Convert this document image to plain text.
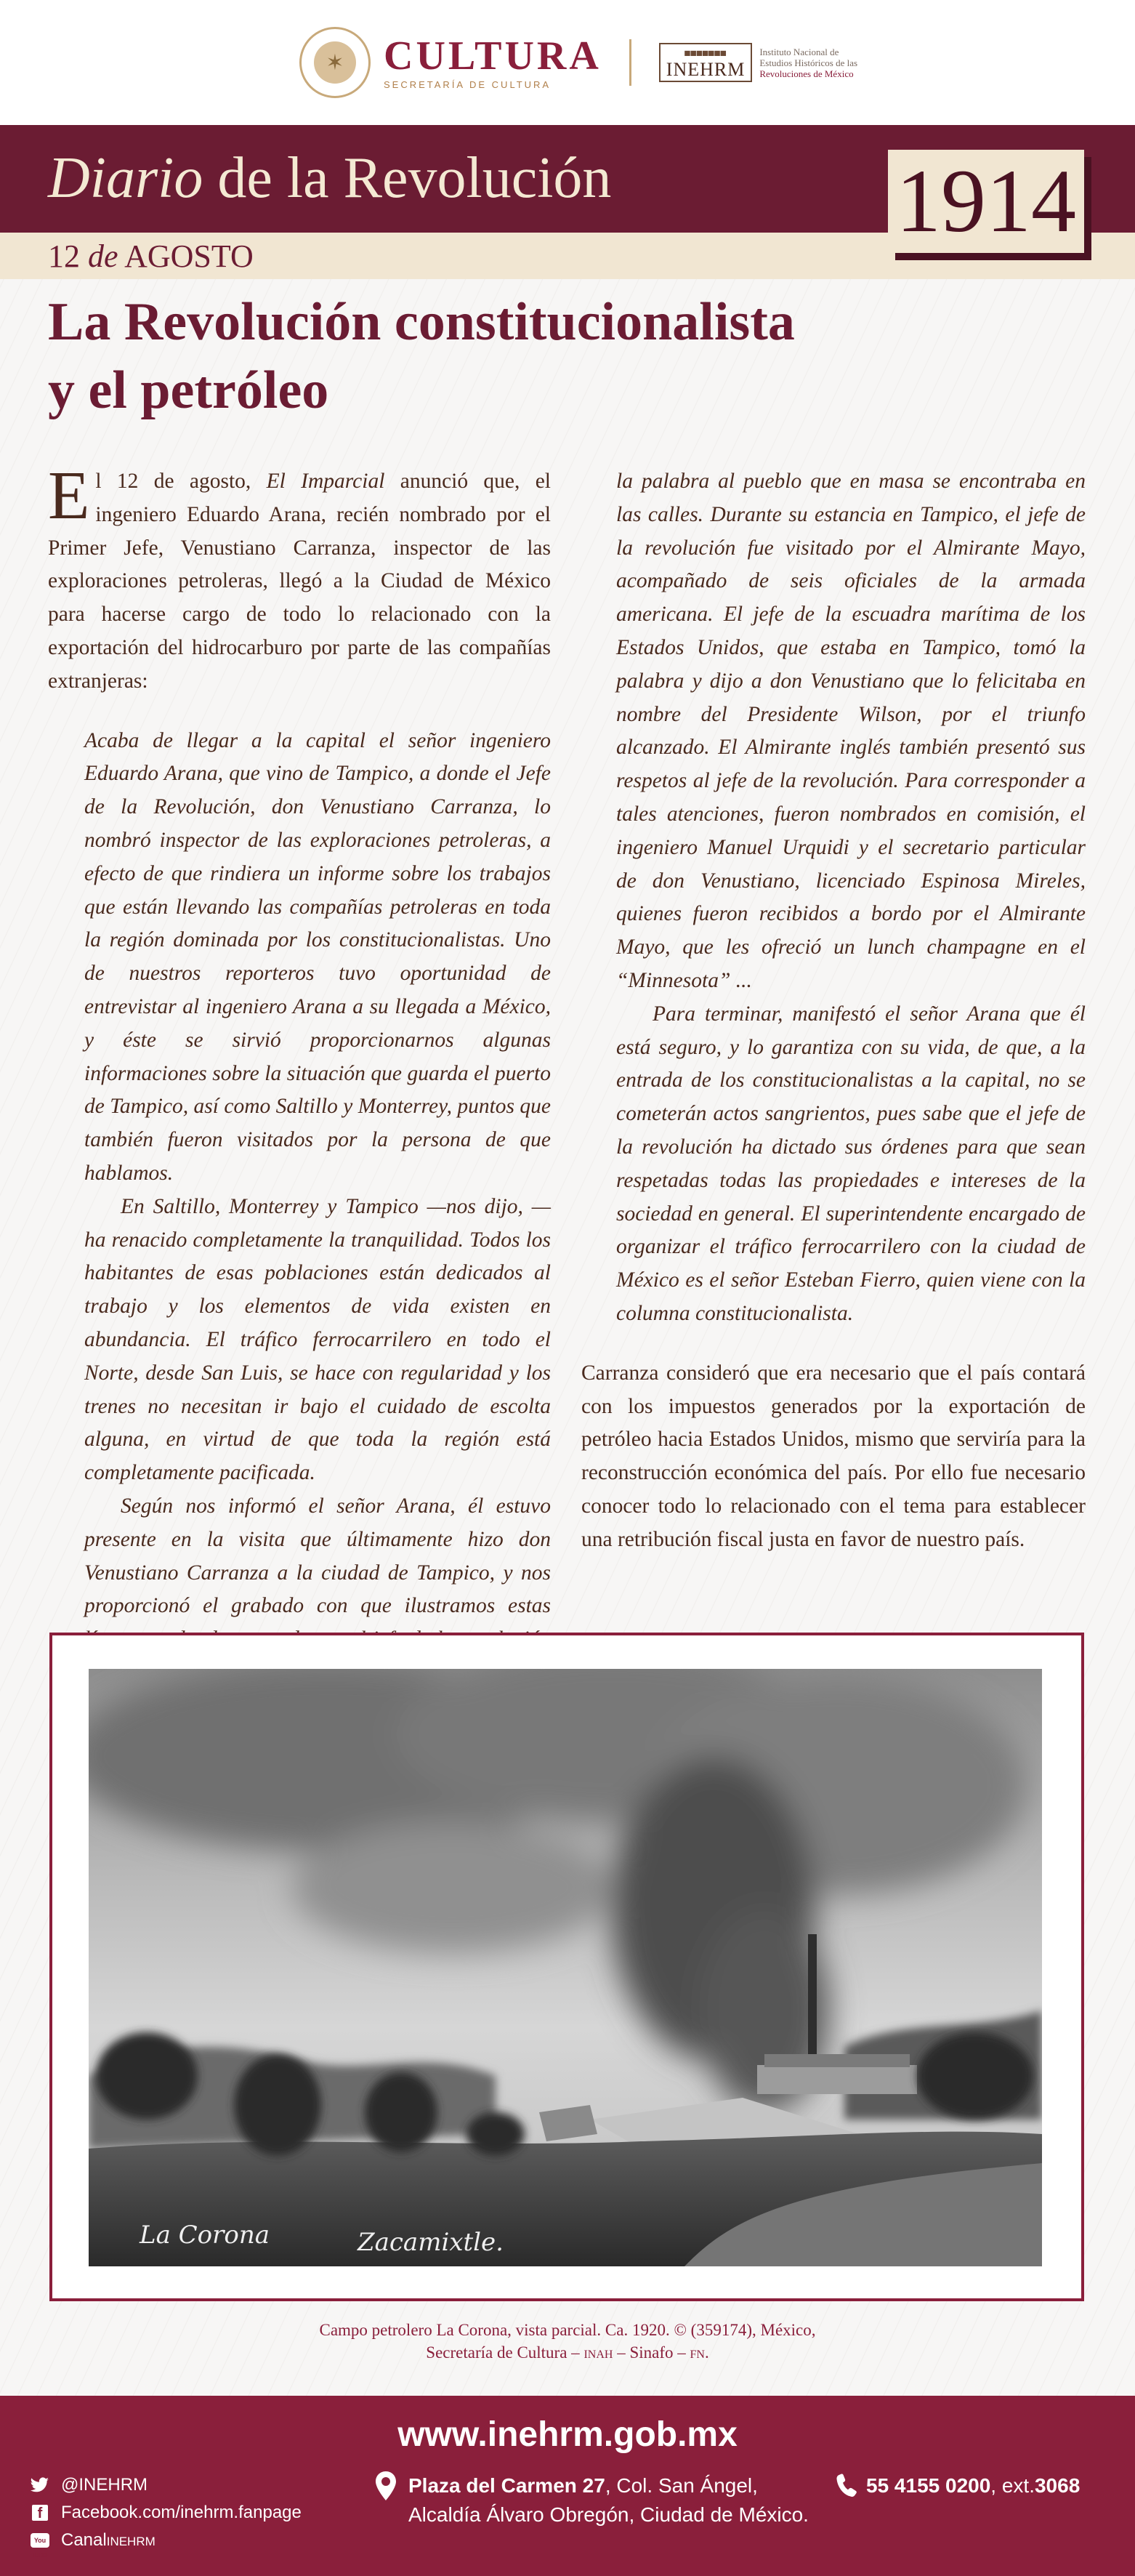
✶ CULTURA
SECRETARÍA DE CULTURA
▀▀▀▀▀▀▀
INEHRM
Instituto Nacional de
Estudios Históricos de las
Revoluciones de México
Diario de la Revolución
12 de AGOSTO
1914
La Revolución constitucionalista
y el petróleo

El 12 de agosto, El Imparcial anunció que, el ingeniero Eduardo Arana, recién nombrado por el Primer Jefe, Venustiano Carranza, inspector de las exploraciones petroleras, llegó a la Ciudad de México para hacerse cargo de todo lo relacionado con la exportación del hidrocarburo por parte de las compañías extranjeras:

Acaba de llegar a la capital el señor ingeniero Eduardo Arana, que vino de Tampico, a donde el Jefe de la Revolución, don Venustiano Carranza, lo nombró inspector de las exploraciones petroleras, a efecto de que rindiera un informe sobre los trabajos que están llevando las compañías petroleras en toda la región dominada por los constitucionalistas. Uno de nuestros reporteros tuvo oportunidad de entrevistar al ingeniero Arana a su llegada a México, y éste se sirvió proporcionarnos algunas informaciones sobre la situación que guarda el puerto de Tampico, así como Saltillo y Monterrey, puntos que también fueron visitados por la persona de que hablamos.

En Saltillo, Monterrey y Tampico —nos dijo, — ha renacido completamente la tranquilidad. Todos los habitantes de esas poblaciones están dedicados al trabajo y los elementos de vida existen en abundancia. El tráfico ferrocarrilero en todo el Norte, desde San Luis, se hace con regularidad y los trenes no necesitan ir bajo el cuidado de escolta alguna, en virtud de que toda la región está completamente pacificada.

Según nos informó el señor Arana, él estuvo presente en la visita que últimamente hizo don Venustiano Carranza a la ciudad de Tampico, y nos proporcionó el grabado con que ilustramos estas

la palabra al pueblo que en masa se encontraba en las calles. Durante su estancia en Tampico, el jefe de la revolución fue visitado por el Almirante Mayo, acompañado de seis oficiales de la armada americana. El jefe de la escuadra marítima de los Estados Unidos, que estaba en Tampico, tomó la palabra y dijo a don Venustiano que lo felicitaba en nombre del Presidente Wilson, por el triunfo alcanzado. El Almirante inglés también presentó sus respetos al jefe de la revolución. Para corresponder a tales atenciones, fueron nombrados en comisión, el ingeniero Manuel Urquidi y el secretario particular de don Venustiano, licenciado Espinosa Mireles, quienes fueron recibidos a bordo por el Almirante Mayo, que les ofreció un lunch champagne en el “Minnesota” ...

Para terminar, manifestó el señor Arana que él está seguro, y lo garantiza con su vida, de que, a la entrada de los constitucionalistas a la capital, no se cometerán actos sangrientos, pues sabe que el jefe de la revolución ha dictado sus órdenes para que sean respetadas todas las propiedades e intereses de la sociedad en general. El superintendente encargado de organizar el tráfico ferrocarrilero con la ciudad de México es el señor Esteban Fierro, quien viene con la columna constitucionalista.

Carranza consideró que era necesario que el país contará con los impuestos generados por la exportación de petróleo hacia Estados Unidos, mismo que serviría para la reconstrucción económica del país. Por ello fue necesario conocer todo lo relacionado con el tema para establecer una retribución fiscal justa en favor de nuestro país.

La Corona	Zacamixtle.
Campo petrolero La Corona, vista parcial. Ca. 1920. © (359174), México,
Secretaría de Cultura – inah – Sinafo – fn.
www.inehrm.gob.mx
@INEHRM
f	Facebook.com/inehrm.fanpage
You Tube
Canal inehrm
Plaza del Carmen 27, Col. San Ángel,
Alcaldía Álvaro Obregón, Ciudad de México.
55 4155 0200 , ext. 3068
